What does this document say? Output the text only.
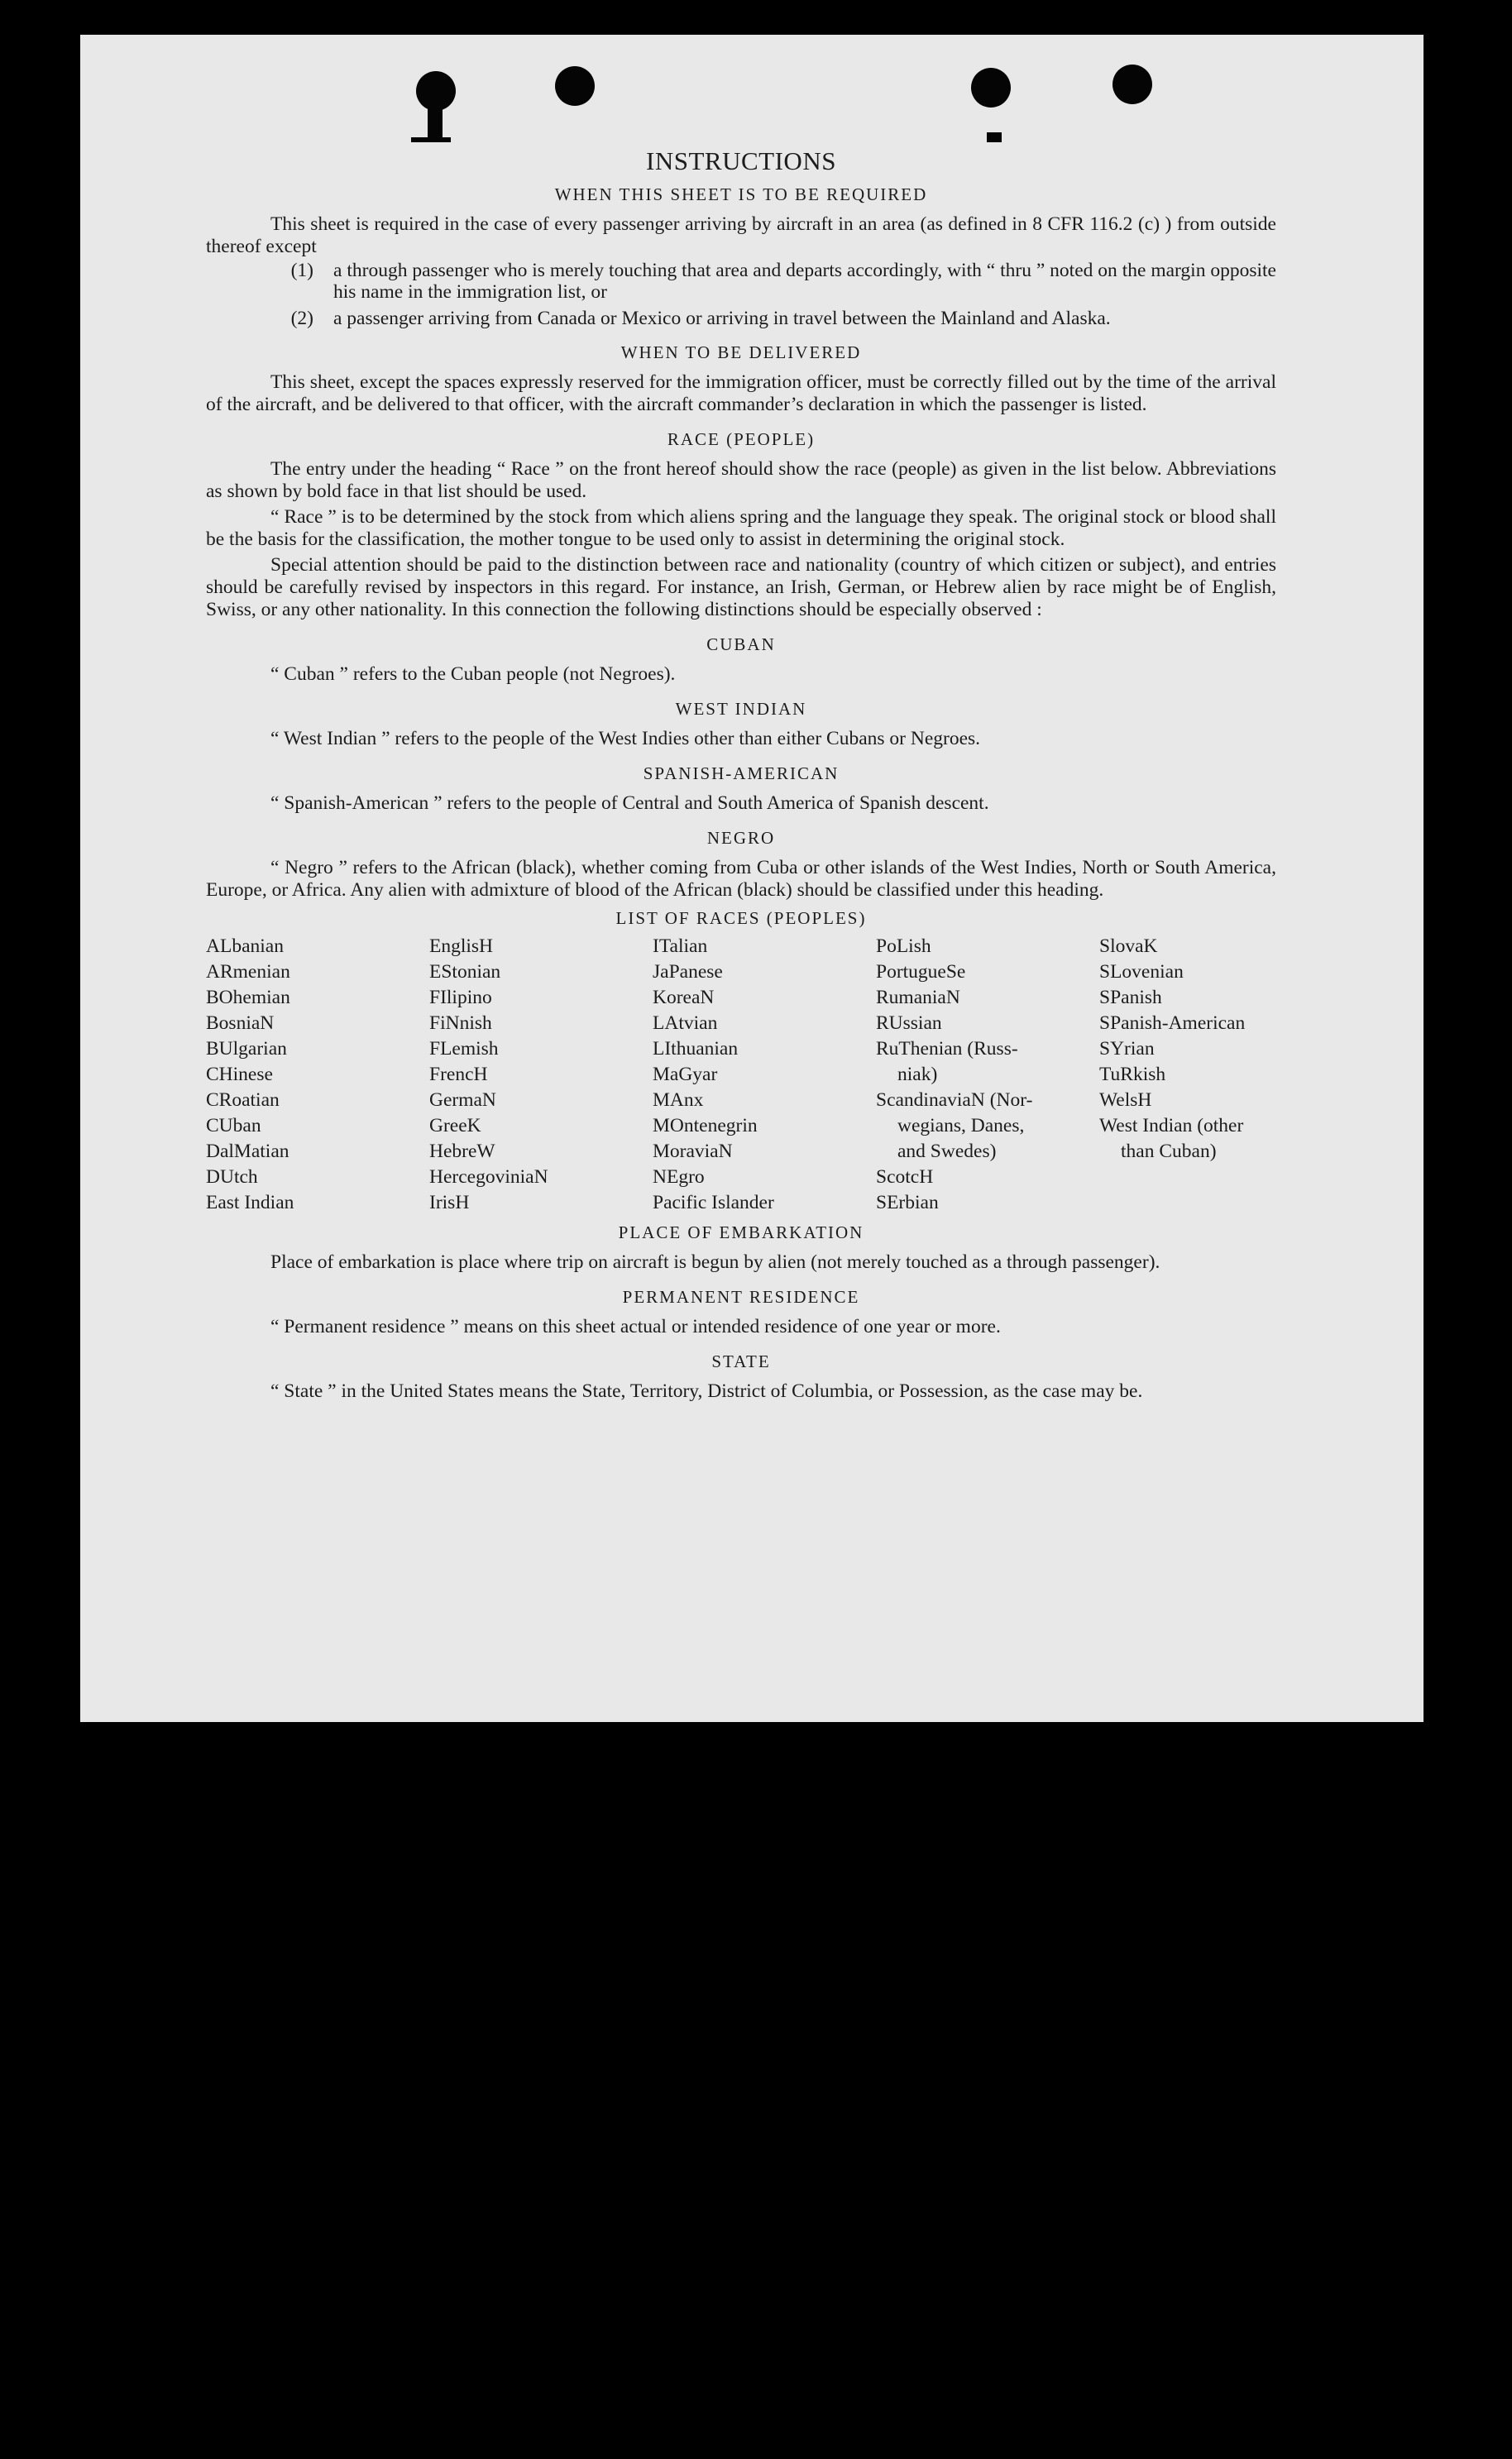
INSTRUCTIONS
WHEN THIS SHEET IS TO BE REQUIRED

This sheet is required in the case of every passenger arriving by aircraft in an area (as defined in 8 CFR 116.2 (c) ) from outside thereof except

(1)	a through passenger who is merely touching that area and departs accordingly, with “ thru ” noted on the margin opposite his name in the immigration list, or
(2)	a passenger arriving from Canada or Mexico or arriving in travel between the Mainland and Alaska.
WHEN TO BE DELIVERED

This sheet, except the spaces expressly reserved for the immigration officer, must be correctly filled out by the time of the arrival of the aircraft, and be delivered to that officer, with the aircraft commander’s declaration in which the passenger is listed.

RACE (PEOPLE)

The entry under the heading “ Race ” on the front hereof should show the race (people) as given in the list below. Abbreviations as shown by bold face in that list should be used.

“ Race ” is to be determined by the stock from which aliens spring and the language they speak. The original stock or blood shall be the basis for the classification, the mother tongue to be used only to assist in determining the original stock.

Special attention should be paid to the distinction between race and nationality (country of which citizen or subject), and entries should be carefully revised by inspectors in this regard. For instance, an Irish, German, or Hebrew alien by race might be of English, Swiss, or any other nationality. In this connection the following distinctions should be especially observed :

CUBAN
“ Cuban ” refers to the Cuban people (not Negroes).
WEST INDIAN
“ West Indian ” refers to the people of the West Indies other than either Cubans or Negroes.
SPANISH-AMERICAN
“ Spanish-American ” refers to the people of Central and South America of Spanish descent.
NEGRO

“ Negro ” refers to the African (black), whether coming from Cuba or other islands of the West Indies, North or South America, Europe, or Africa. Any alien with admixture of blood of the African (black) should be classified under this heading.

LIST OF RACES (PEOPLES)
ALbanian
ARmenian
BOhemian
BosniaN
BUlgarian
CHinese
CRoatian
CUban
DalMatian
DUtch
East Indian
EnglisH
EStonian
FIlipino
FiNnish
FLemish
FrencH
GermaN
GreeK
HebreW
HercegoviniaN
IrisH
ITalian
JaPanese
KoreaN
LAtvian
LIthuanian
MaGyar
MAnx
MOntenegrin
MoraviaN
NEgro
Pacific Islander
PoLish
PortugueSe
RumaniaN
RUssian
RuThenian (Russ-
niak)
ScandinaviaN (Nor-
wegians, Danes,
and Swedes)
ScotcH
SErbian
SlovaK
SLovenian
SPanish
SPanish-American
SYrian
TuRkish
WelsH
West Indian (other
than Cuban)
PLACE OF EMBARKATION

Place of embarkation is place where trip on aircraft is begun by alien (not merely touched as a through passenger).

PERMANENT RESIDENCE
“ Permanent residence ” means on this sheet actual or intended residence of one year or more.
STATE

“ State ” in the United States means the State, Territory, District of Columbia, or Possession, as the case may be.
